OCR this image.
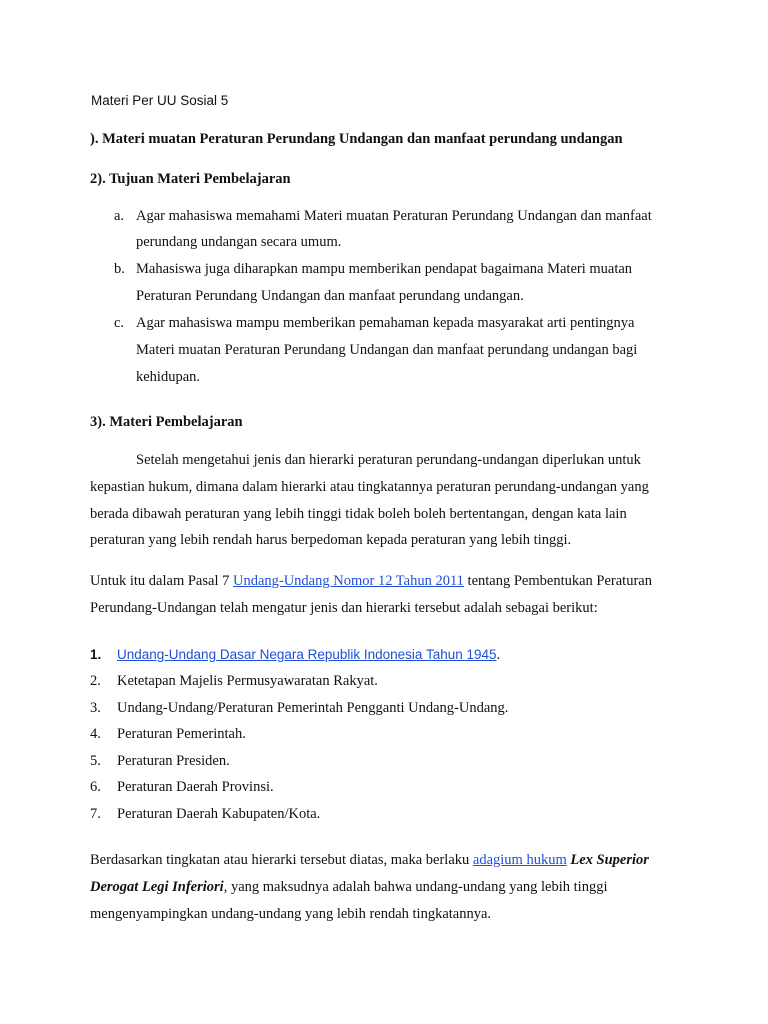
Materi Per UU Sosial 5
). Materi muatan Peraturan Perundang Undangan dan manfaat perundang undangan
2). Tujuan Materi Pembelajaran
a. Agar mahasiswa memahami Materi muatan Peraturan Perundang Undangan dan manfaat
perundang undangan secara umum.
b. Mahasiswa juga diharapkan mampu memberikan pendapat bagaimana Materi muatan
Peraturan Perundang Undangan dan manfaat perundang undangan.
c. Agar mahasiswa mampu memberikan pemahaman kepada masyarakat arti pentingnya
Materi muatan Peraturan Perundang Undangan dan manfaat perundang undangan bagi
kehidupan.
3). Materi Pembelajaran
Setelah mengetahui jenis dan hierarki peraturan perundang-undangan diperlukan untuk
kepastian hukum, dimana dalam hierarki atau tingkatannya peraturan perundang-undangan yang
berada dibawah peraturan yang lebih tinggi tidak boleh boleh bertentangan, dengan kata lain
peraturan yang lebih rendah harus berpedoman kepada peraturan yang lebih tinggi.
Untuk itu dalam Pasal 7 Undang-Undang Nomor 12 Tahun 2011 tentang Pembentukan Peraturan
Perundang-Undangan telah mengatur jenis dan hierarki tersebut adalah sebagai berikut:
1. Undang-Undang Dasar Negara Republik Indonesia Tahun 1945.
2. Ketetapan Majelis Permusyawaratan Rakyat.
3. Undang-Undang/Peraturan Pemerintah Pengganti Undang-Undang.
4. Peraturan Pemerintah.
5. Peraturan Presiden.
6. Peraturan Daerah Provinsi.
7. Peraturan Daerah Kabupaten/Kota.
Berdasarkan tingkatan atau hierarki tersebut diatas, maka berlaku adagium hukum Lex Superior
Derogat Legi Inferiori, yang maksudnya adalah bahwa undang-undang yang lebih tinggi
mengenyampingkan undang-undang yang lebih rendah tingkatannya.
